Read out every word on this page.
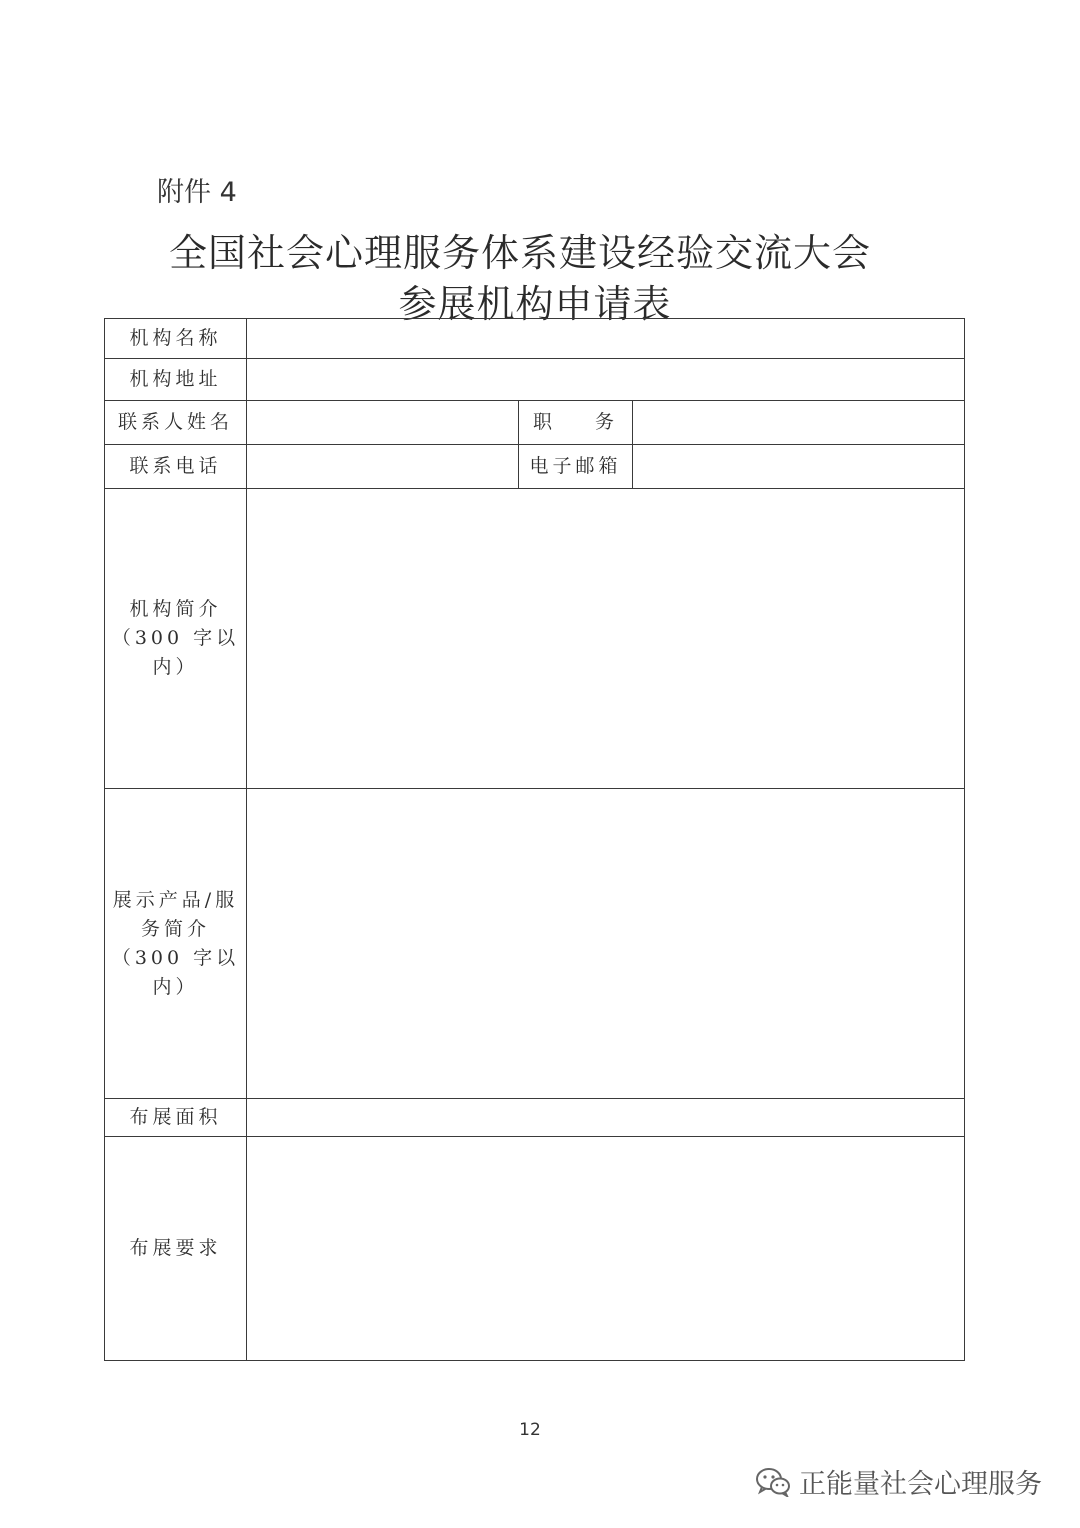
附件 4
全国社会心理服务体系建设经验交流大会
参展机构申请表
机构名称			
机构地址			
联系人姓名		职 务	
联系电话		电子邮箱	

机构简介
（300 字以
内）			

展示产品/服
务简介
（300 字以
内）			

布展面积			
布展要求			
12
正能量社会心理服务
